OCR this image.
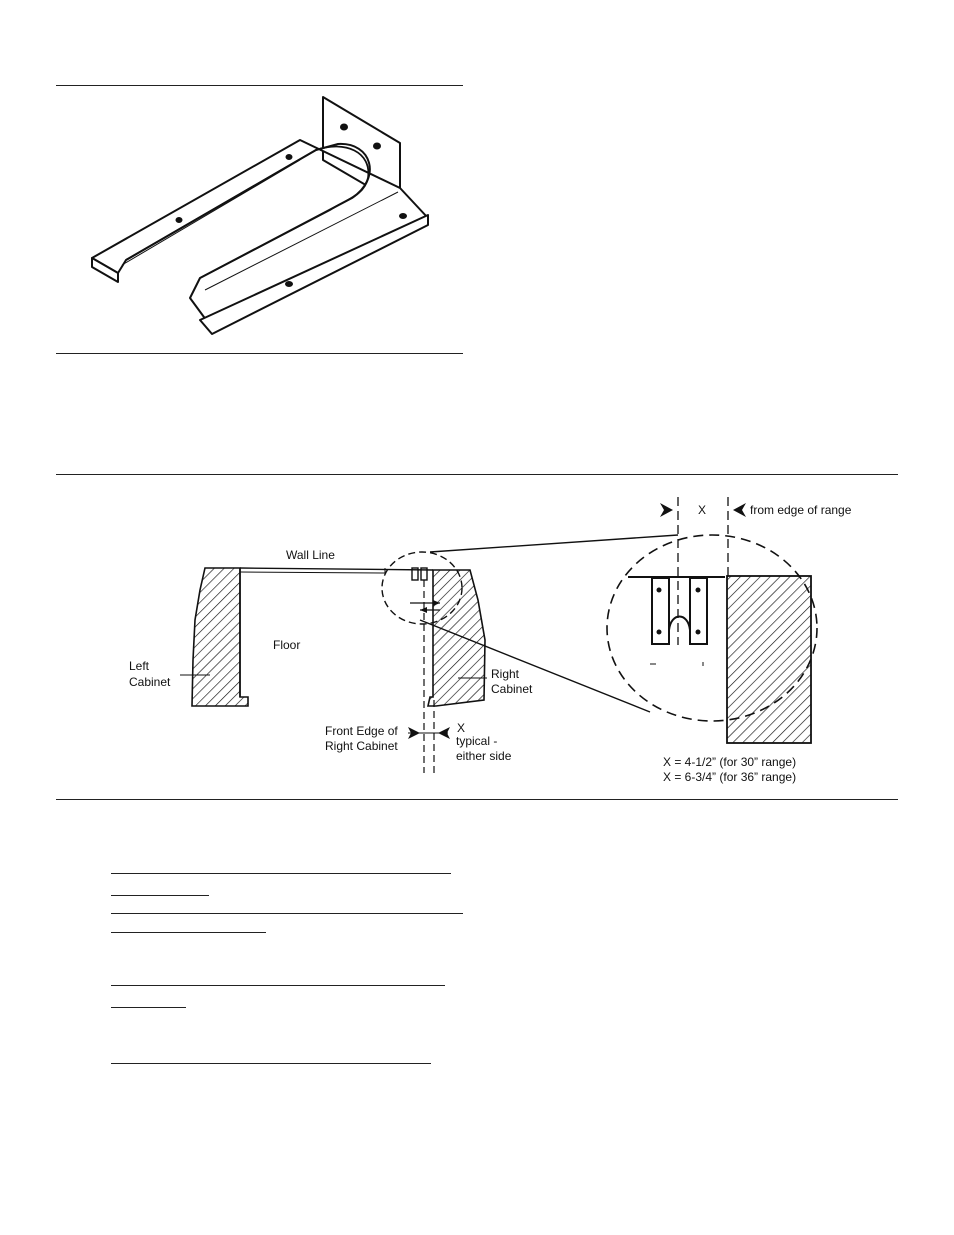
Wall Line
Floor
Left
Cabinet
Right
Cabinet
Front Edge of
Right Cabinet
X
typical -
either side
X	from edge of range
X = 4-1/2” (for 30” range)
X = 6-3/4” (for 36” range)
